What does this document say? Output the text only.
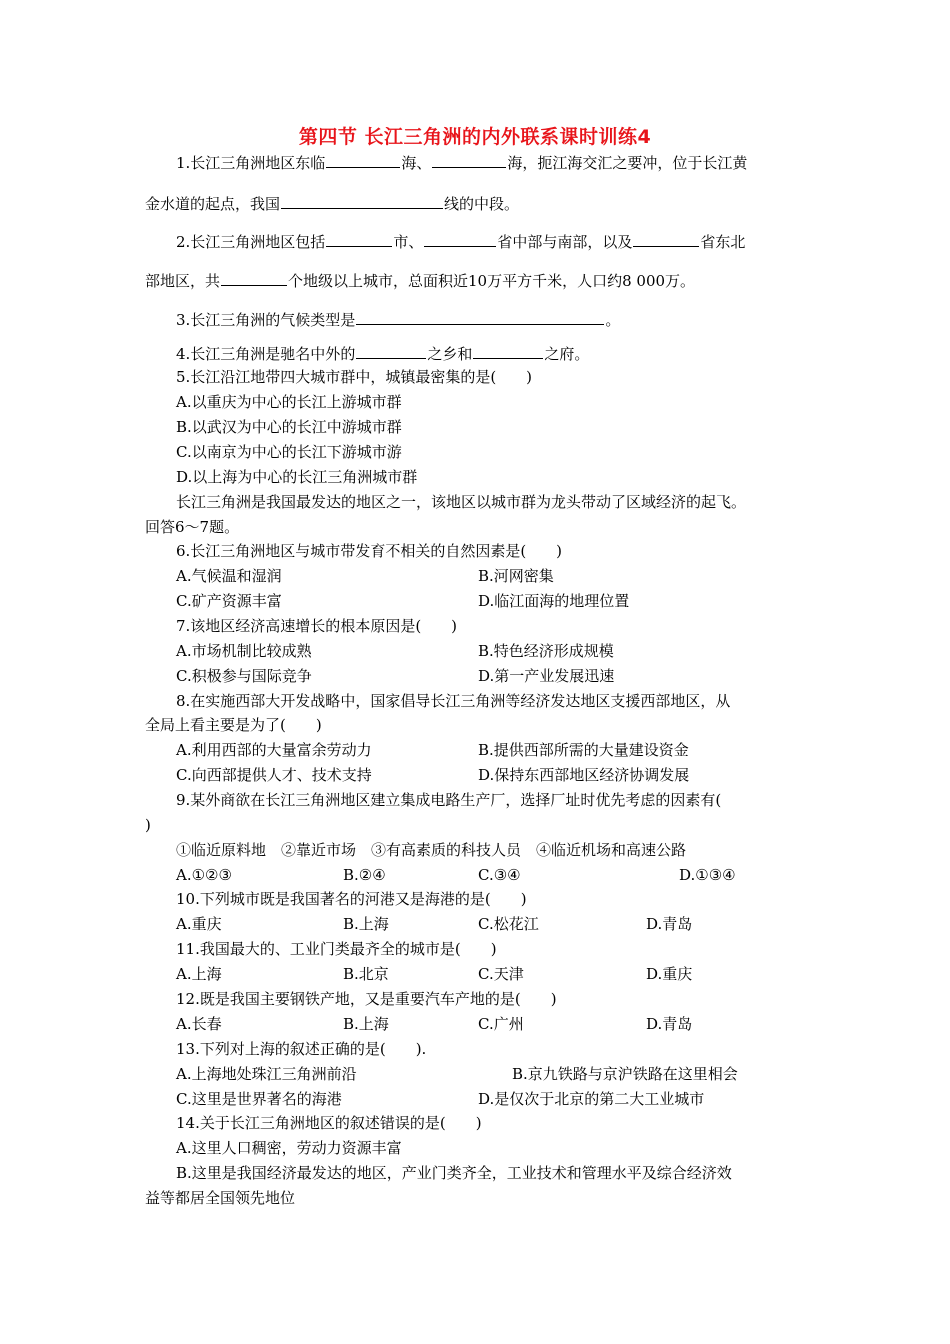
第四节 长江三角洲的内外联系课时训练4
1.长江三角洲地区东临	海、	海，扼江海交汇之要冲，位于长江黄
金水道的起点，我国	线的中段。
2.长江三角洲地区包括	市、	省中部与南部，以及	省东北
部地区，共	个地级以上城市，总面积近10万平方千米，人口约8 000万。
3.长江三角洲的气候类型是	。
4.长江三角洲是驰名中外的	之乡和	之府。
5.长江沿江地带四大城市群中，城镇最密集的是(　　)
A.以重庆为中心的长江上游城市群
B.以武汉为中心的长江中游城市群
C.以南京为中心的长江下游城市游
D.以上海为中心的长江三角洲城市群
长江三角洲是我国最发达的地区之一，该地区以城市群为龙头带动了区域经济的起飞。
回答6～7题。
6.长江三角洲地区与城市带发育不相关的自然因素是(　　)
A.气候温和湿润	B.河网密集
C.矿产资源丰富	D.临江面海的地理位置
7.该地区经济高速增长的根本原因是(　　)
A.市场机制比较成熟	B.特色经济形成规模
C.积极参与国际竞争	D.第一产业发展迅速
8.在实施西部大开发战略中，国家倡导长江三角洲等经济发达地区支援西部地区，从
全局上看主要是为了(　　)
A.利用西部的大量富余劳动力	B.提供西部所需的大量建设资金
C.向西部提供人才、技术支持	D.保持东西部地区经济协调发展
9.某外商欲在长江三角洲地区建立集成电路生产厂，选择厂址时优先考虑的因素有(
)
①临近原料地　②靠近市场　③有高素质的科技人员　④临近机场和高速公路
A.①②③	B.②④	C.③④	D.①③④
10.下列城市既是我国著名的河港又是海港的是(　　)
A.重庆	B.上海	C.松花江	D.青岛
11.我国最大的、工业门类最齐全的城市是(　　)
A.上海	B.北京	C.天津	D.重庆
12.既是我国主要钢铁产地，又是重要汽车产地的是(　　)
A.长春	B.上海	C.广州	D.青岛
13.下列对上海的叙述正确的是(　　).
A.上海地处珠江三角洲前沿	B.京九铁路与京沪铁路在这里相会
C.这里是世界著名的海港	D.是仅次于北京的第二大工业城市
14.关于长江三角洲地区的叙述错误的是(　　)
A.这里人口稠密，劳动力资源丰富
B.这里是我国经济最发达的地区，产业门类齐全，工业技术和管理水平及综合经济效
益等都居全国领先地位
